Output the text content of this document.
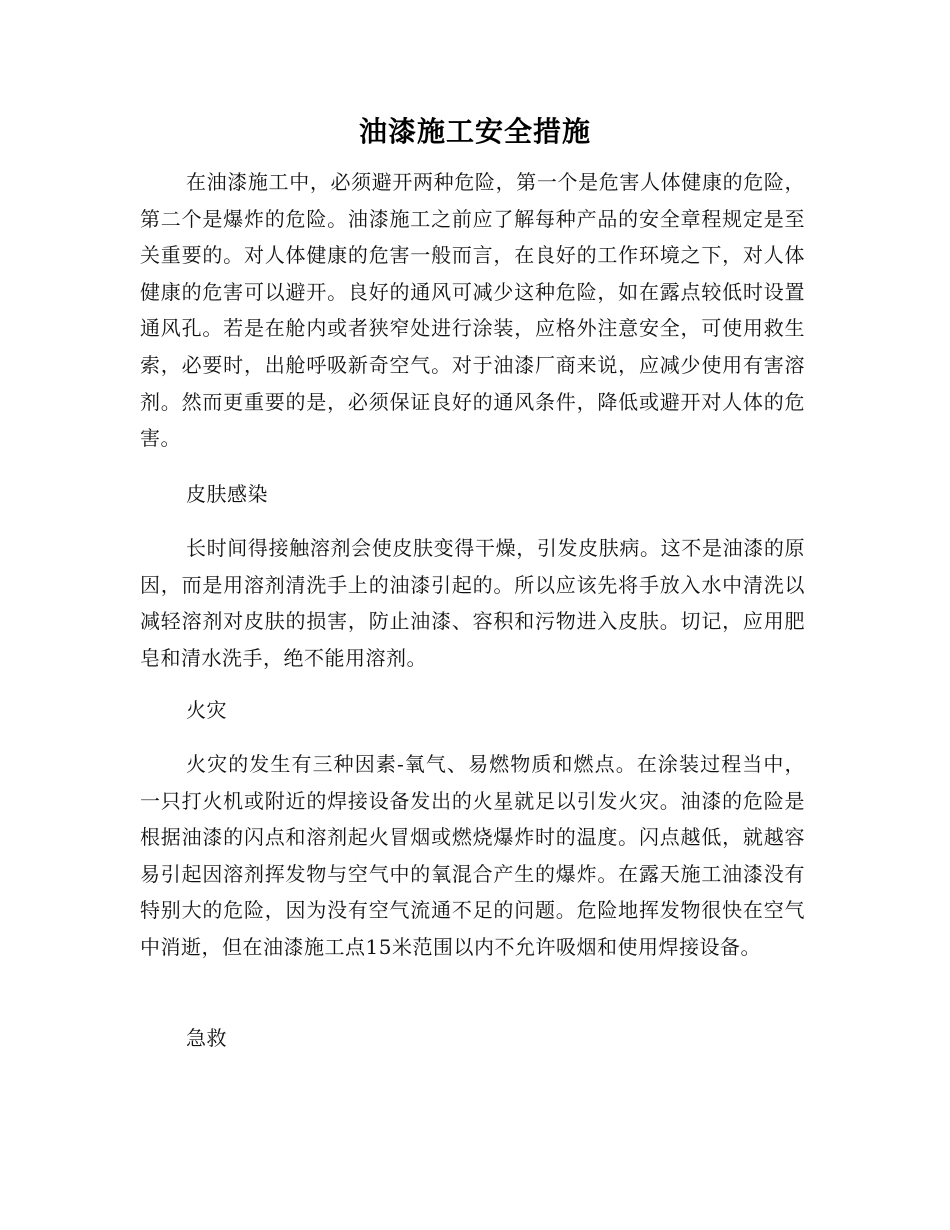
油漆施工安全措施

在油漆施工中，必须避开两种危险，第一个是危害人体健康的危险，第二个是爆炸的危险。油漆施工之前应了解每种产品的安全章程规定是至关重要的。对人体健康的危害一般而言，在良好的工作环境之下，对人体健康的危害可以避开。良好的通风可减少这种危险，如在露点较低时设置通风孔。若是在舱内或者狭窄处进行涂装，应格外注意安全，可使用救生索，必要时，出舱呼吸新奇空气。对于油漆厂商来说，应减少使用有害溶剂。然而更重要的是，必须保证良好的通风条件，降低或避开对人体的危害。

皮肤感染

长时间得接触溶剂会使皮肤变得干燥，引发皮肤病。这不是油漆的原因，而是用溶剂清洗手上的油漆引起的。所以应该先将手放入水中清洗以减轻溶剂对皮肤的损害，防止油漆、容积和污物进入皮肤。切记，应用肥皂和清水洗手，绝不能用溶剂。

火灾

火灾的发生有三种因素-氧气、易燃物质和燃点。在涂装过程当中，一只打火机或附近的焊接设备发出的火星就足以引发火灾。油漆的危险是根据油漆的闪点和溶剂起火冒烟或燃烧爆炸时的温度。闪点越低，就越容易引起因溶剂挥发物与空气中的氧混合产生的爆炸。在露天施工油漆没有特别大的危险，因为没有空气流通不足的问题。危险地挥发物很快在空气中消逝，但在油漆施工点15米范围以内不允许吸烟和使用焊接设备。

急救
